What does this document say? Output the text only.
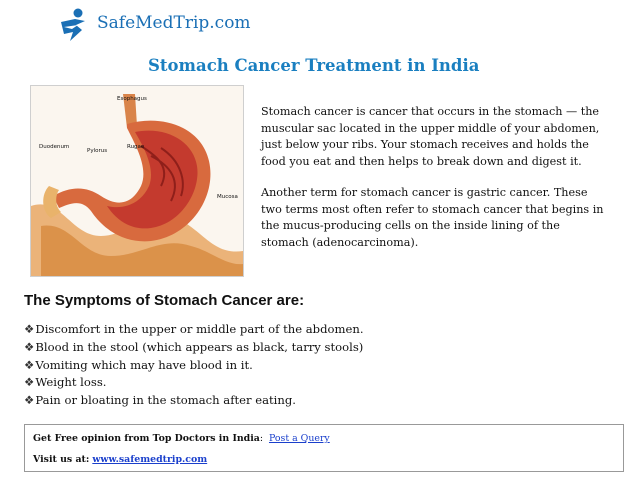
SafeMedTrip.com
Stomach Cancer Treatment in India
Esophagus
Duodenum
Pylorus
Rugae
Mucosa

Stomach cancer is cancer that occurs in the stomach — the muscular sac located in the upper middle of your abdomen, just below your ribs. Your stomach receives and holds the food you eat and then helps to break down and digest it.

Another term for stomach cancer is gastric cancer. These two terms most often refer to stomach cancer that begins in the mucus-producing cells on the inside lining of the stomach (adenocarcinoma).

The Symptoms of Stomach Cancer are:
❖Discomfort in the upper or middle part of the abdomen.
❖Blood in the stool (which appears as black, tarry stools)
❖Vomiting which may have blood in it.
❖Weight loss.
❖Pain or bloating in the stomach after eating.
Get Free opinion from Top Doctors in India: Post a Query
Visit us at: www.safemedtrip.com
